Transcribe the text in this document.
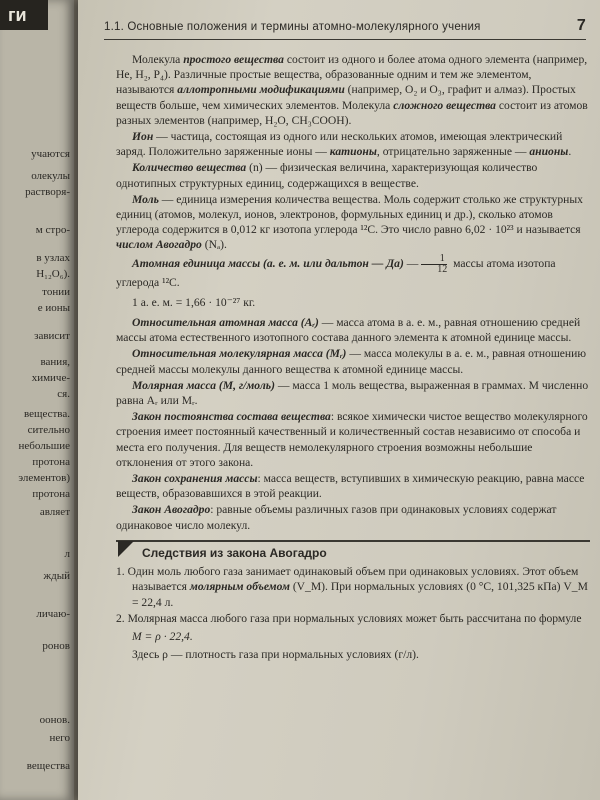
ги
учаются
олекулы
растворя-
м стро-
в узлах
H₁₂O₆).
тонии
е ионы
зависит
вания,
химиче-
ся.
вещества.
сительно
небольшие
протона
элементов)
протона
авляет
л
ждый
личаю-
ронов
оонов.
него
вещества
1.1. Основные положения и термины атомно-молекулярного учения	7

Молекула простого вещества состоит из одного и более атома одного элемента (например, He, H₂, P₄). Различные простые вещества, образованные одним и тем же элементом, называются аллотропными модификациями (например, O₂ и O₃, графит и алмаз). Простых веществ больше, чем химических элементов. Молекула сложного вещества состоит из атомов разных элементов (например, H₂O, CH₃COOH).

Ион — частица, состоящая из одного или нескольких атомов, имеющая электрический заряд. Положительно заряженные ионы — катионы, отрицательно заряженные — анионы.

Количество вещества (n) — физическая величина, характеризующая количество однотипных структурных единиц, содержащихся в веществе.

Моль — единица измерения количества вещества. Моль содержит столько же структурных единиц (атомов, молекул, ионов, электронов, формульных единиц и др.), сколько атомов углерода содержится в 0,012 кг изотопа углерода ¹²C. Это число равно 6,02 · 10²³ и называется числом Авогадро (Nₐ).

Атомная единица массы (а. е. м. или дальтон — Да) — $\frac{1}{12}$ массы атома изотопа углерода ¹²C.

1 а. е. м. = 1,66 · 10⁻²⁷ кг.

Относительная атомная масса (Aᵣ) — масса атома в а. е. м., равная отношению средней массы атома естественного изотопного состава данного элемента к атомной единице массы.

Относительная молекулярная масса (Mᵣ) — масса молекулы в а. е. м., равная отношению средней массы молекулы данного вещества к атомной единице массы.

Молярная масса (M, г/моль) — масса 1 моль вещества, выраженная в граммах. M численно равна Aᵣ или Mᵣ.

Закон постоянства состава вещества: всякое химически чистое вещество молекулярного строения имеет постоянный качественный и количественный состав независимо от способа и места его получения. Для веществ немолекулярного строения возможны небольшие отклонения от этого закона.

Закон сохранения массы: масса веществ, вступивших в химическую реакцию, равна массе веществ, образовавшихся в этой реакции.

Закон Авогадро: равные объемы различных газов при одинаковых условиях содержат одинаковое число молекул.

Следствия из закона Авогадро

1. Один моль любого газа занимает одинаковый объем при одинаковых условиях. Этот объем называется молярным объемом (V_M). При нормальных условиях (0 °C, 101,325 кПа) V_M = 22,4 л.

2. Молярная масса любого газа при нормальных условиях может быть рассчитана по формуле

M = ρ · 22,4.

Здесь ρ — плотность газа при нормальных условиях (г/л).
